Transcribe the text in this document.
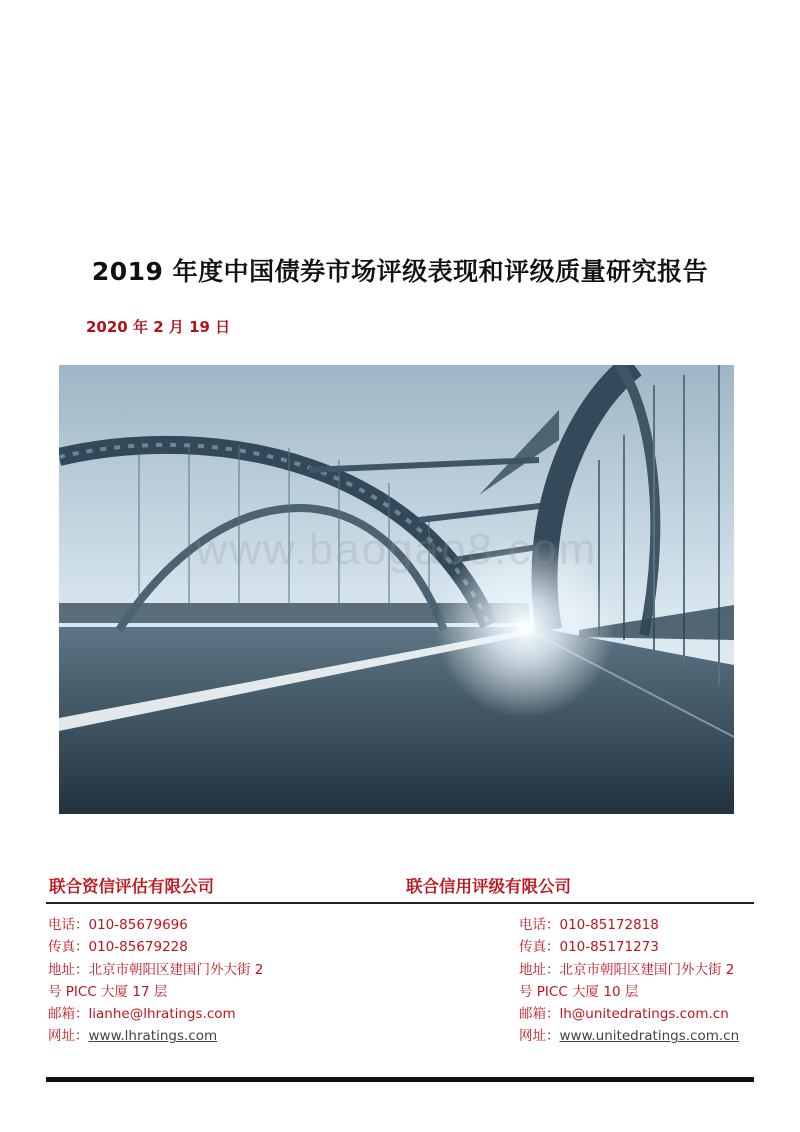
2019 年度中国债券市场评级表现和评级质量研究报告
2020 年 2 月 19 日
www.baogao8.com
联合资信评估有限公司	联合信用评级有限公司
电话：010-85679696
传真：010-85679228
地址：北京市朝阳区建国门外大街 2
号 PICC 大厦 17 层
邮箱：lianhe@lhratings.com
网址：www.lhratings.com
电话：010-85172818
传真：010-85171273
地址：北京市朝阳区建国门外大街 2
号 PICC 大厦 10 层
邮箱：lh@unitedratings.com.cn
网址：www.unitedratings.com.cn
